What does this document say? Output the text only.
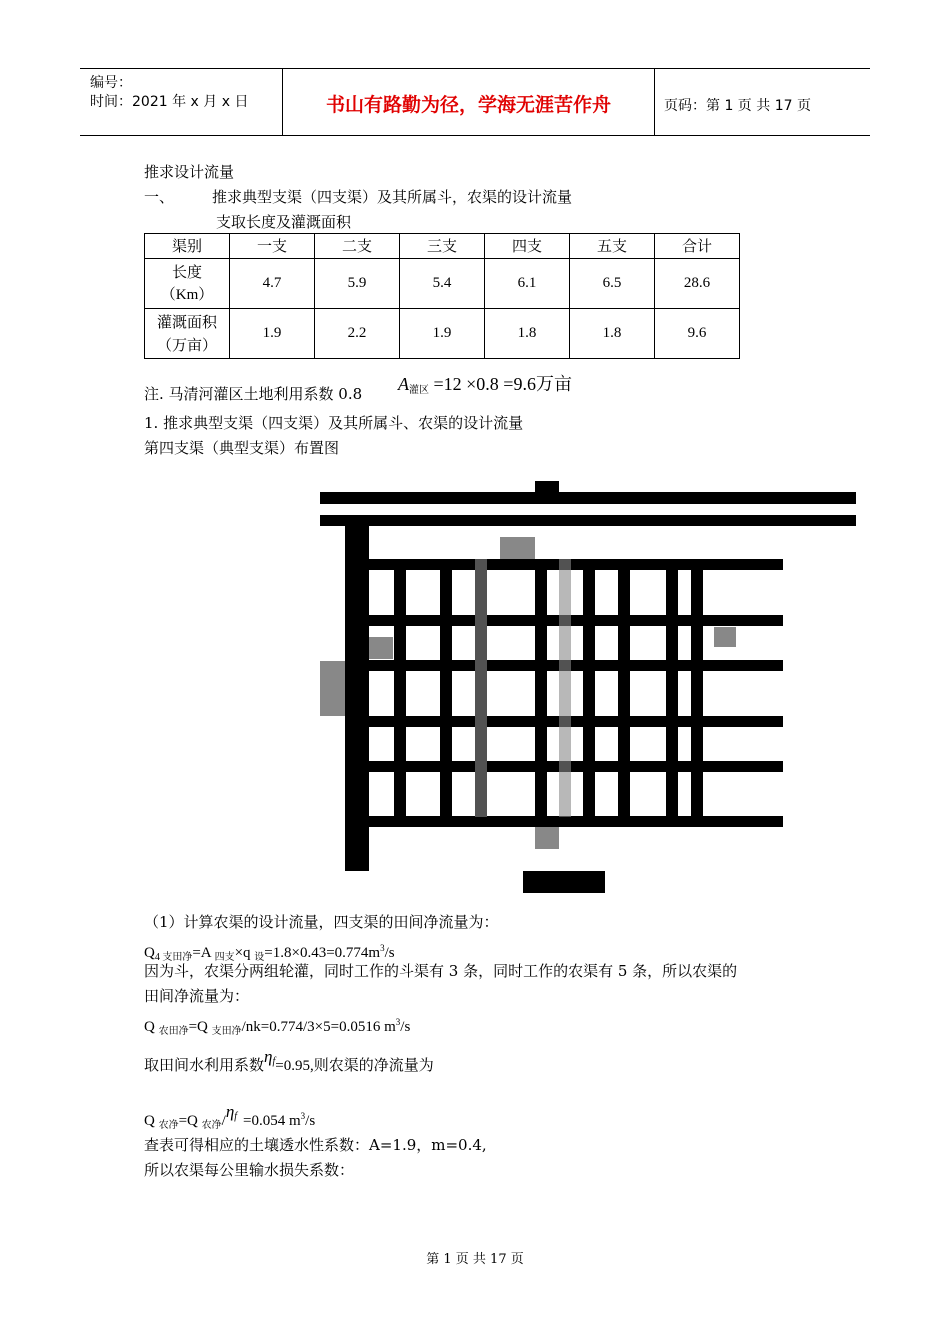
编号：
时间：2021 年 x 月 x 日	书山有路勤为径，学海无涯苦作舟	页码：第 1 页 共 17 页
推求设计流量
一、	推求典型支渠（四支渠）及其所属斗，农渠的设计流量
支取长度及灌溉面积
渠别	一支	二支	三支	四支	五支	合计

长度
（Km）	4.7	5.9	5.4	6.1	6.5	28.6

灌溉面积
（万亩）	1.9	2.2	1.9	1.8	1.8	9.6
注. 马清河灌区土地利用系数 0.8 A灌区 =12 ×0.8 =9.6万亩
1. 推求典型支渠（四支渠）及其所属斗、农渠的设计流量
第四支渠（典型支渠）布置图
（1）计算农渠的设计流量，四支渠的田间净流量为：
$Q_{4 支田净}=A$ $_{四支}$×q $_设=1.8\times 0.43=0.774m^3/s$
因为斗，农渠分两组轮灌，同时工作的斗渠有 3 条，同时工作的农渠有 5 条，所以农渠的
田间净流量为：
Q $_{农田净}$=Q $_{支田净}$/nk=0.774/3×5=0.0516 $m^3/s$
取田间水利用系数$\eta^f=0.95$,则农渠的净流量为
Q $_{农净}$=Q $_{农净}/\eta^f =0.054$ $m^3/s$
查表可得相应的土壤透水性系数：A=1.9，m=0.4,
所以农渠每公里输水损失系数：
第 1 页 共 17 页
